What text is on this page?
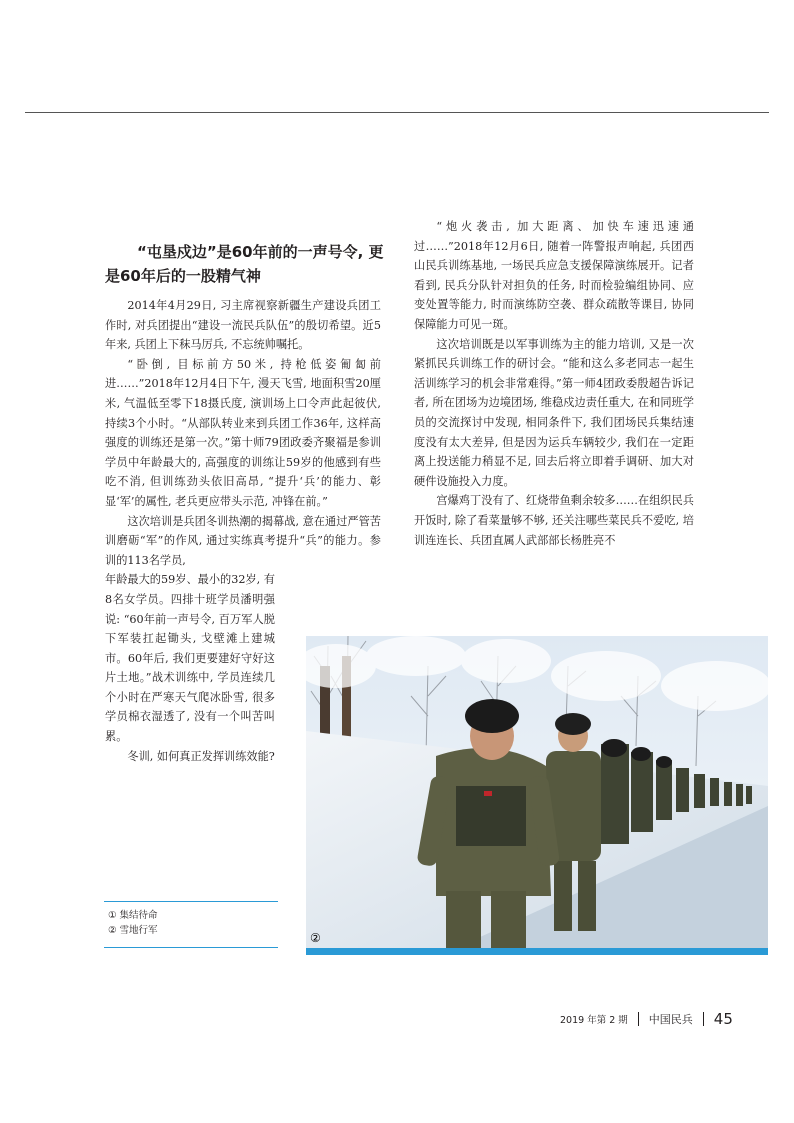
“屯垦戍边”是60年前的一声号令, 更是60年后的一股精气神

2014年4月29日, 习主席视察新疆生产建设兵团工作时, 对兵团提出“建设一流民兵队伍”的殷切希望。近5年来, 兵团上下秣马厉兵, 不忘统帅嘱托。

“卧倒, 目标前方50米, 持枪低姿匍匐前进……”2018年12月4日下午, 漫天飞雪, 地面积雪20厘米, 气温低至零下18摄氏度, 演训场上口令声此起彼伏, 持续3个小时。“从部队转业来到兵团工作36年, 这样高强度的训练还是第一次。”第十师79团政委齐聚福是参训学员中年龄最大的, 高强度的训练让59岁的他感到有些吃不消, 但训练劲头依旧高昂, “提升‘兵’的能力、彰显‘军’的属性, 老兵更应带头示范, 冲锋在前。”

这次培训是兵团冬训热潮的揭幕战, 意在通过严管苦训磨砺“军”的作风, 通过实练真考提升“兵”的能力。参训的113名学员,

年龄最大的59岁、最小的32岁, 有8名女学员。四排十班学员潘明强说: “60年前一声号令, 百万军人脱下军装扛起锄头, 戈壁滩上建城市。60年后, 我们更要建好守好这片土地。”战术训练中, 学员连续几个小时在严寒天气爬冰卧雪, 很多学员棉衣湿透了, 没有一个叫苦叫累。

冬训, 如何真正发挥训练效能?

“炮火袭击, 加大距离、加快车速迅速通过……”2018年12月6日, 随着一阵警报声响起, 兵团西山民兵训练基地, 一场民兵应急支援保障演练展开。记者看到, 民兵分队针对担负的任务, 时而检验编组协同、应变处置等能力, 时而演练防空袭、群众疏散等课目, 协同保障能力可见一斑。

这次培训既是以军事训练为主的能力培训, 又是一次紧抓民兵训练工作的研讨会。“能和这么多老同志一起生活训练学习的机会非常难得。”第一师4团政委殷超告诉记者, 所在团场为边境团场, 维稳戍边责任重大, 在和同班学员的交流探讨中发现, 相同条件下, 我们团场民兵集结速度没有太大差异, 但是因为运兵车辆较少, 我们在一定距离上投送能力稍显不足, 回去后将立即着手调研、加大对硬件设施投入力度。

宫爆鸡丁没有了、红烧带鱼剩余较多……在组织民兵开饭时, 除了看菜量够不够, 还关注哪些菜民兵不爱吃, 培训连连长、兵团直属人武部部长杨胜亮不

②
① 集结待命
② 雪地行军
2019 年第 2 期 中国民兵 45
